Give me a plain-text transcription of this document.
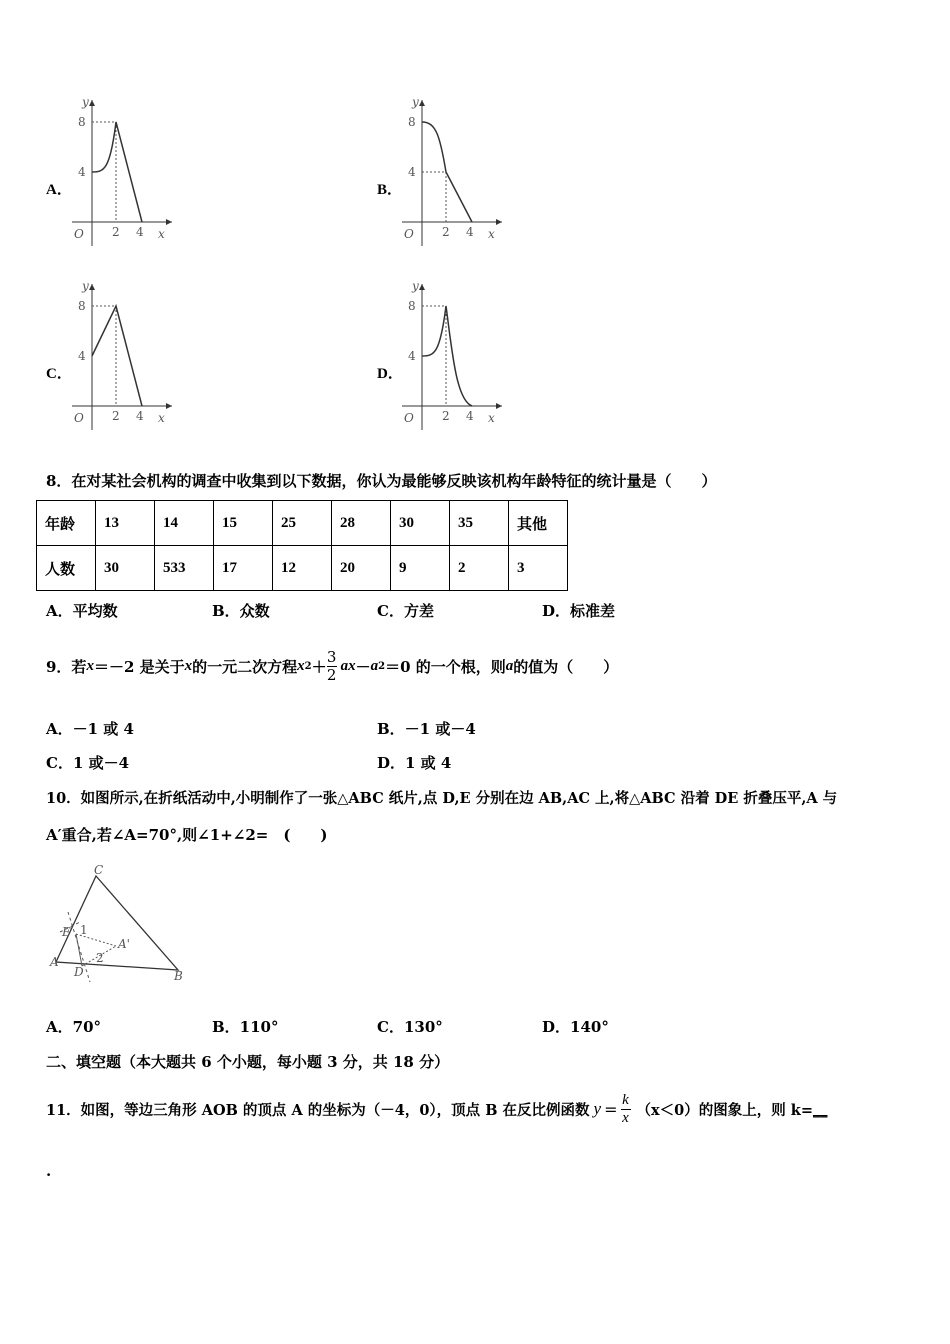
A．
y
8
4
O 2 4 x
B．
y
8
4
O 2 4 x
C．
y
8
4
O 2 4 x
D．
y
8
4
O 2 4 x
8．在对某社会机构的调查中收集到以下数据，你认为最能够反映该机构年龄特征的统计量是（　　）
年龄	13	14	15	25	28	30	35	其他
人数	30	533	17	12	20	9	2	3
A．平均数	B．众数	C．方差	D．标准差
9．若 x ＝－2 是关于 x 的一元二次方程 x $2 + \frac{3}{2}$ ax － a 2 ＝0 的一个根，则 a 的值为（　　）
A．－1 或 4	B．－1 或－4
C．1 或－4	D．1 或 4
10．如图所示,在折纸活动中,小明制作了一张△ABC 纸片,点 D,E 分别在边 AB,AC 上,将△ABC 沿着 DE 折叠压平,A 与
A′重合,若∠A=70°,则∠1+∠2=　(　　)
C
E 1
A'
A	2
D	B
A．70°	B．110°	C．130°	D．140°
二、填空题（本大题共 6 个小题，每小题 3 分，共 18 分）
11．如图，等边三角形 AOB 的顶点 A 的坐标为（－4，0），顶点 B 在反比例函数 $y = \frac{k}{x} (x<0)$的图象上，则 k= __
.
